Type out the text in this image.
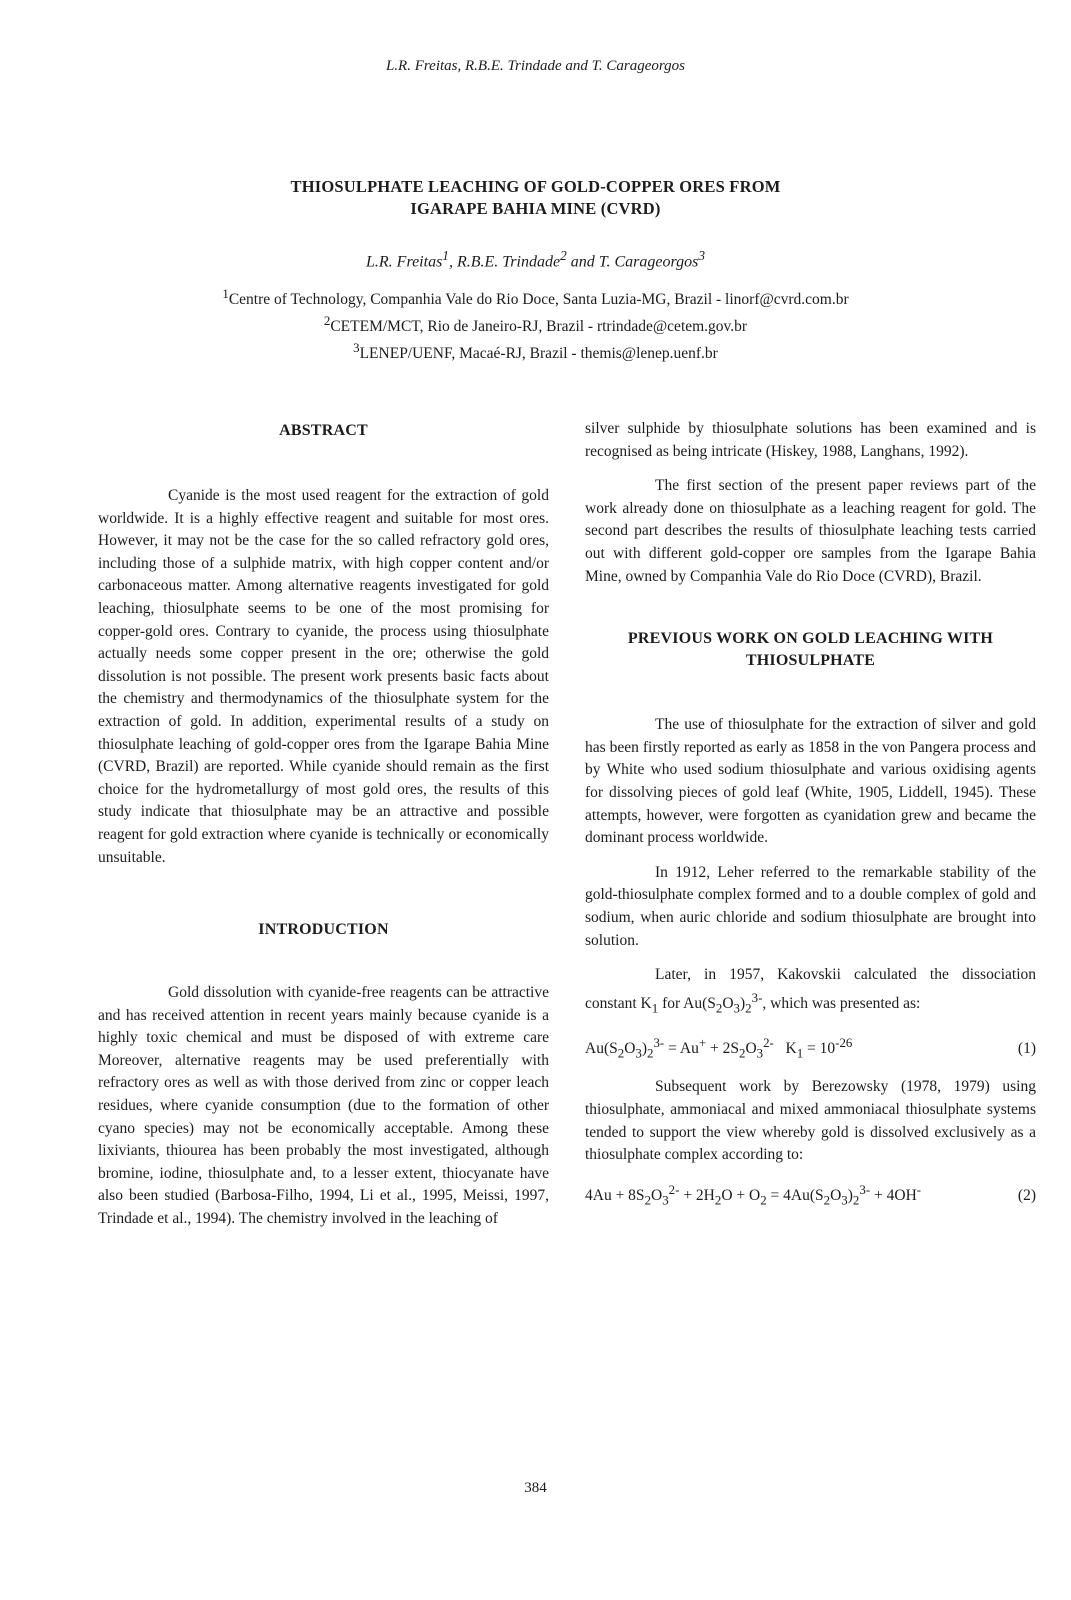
L.R. Freitas, R.B.E. Trindade and T. Carageorgos
THIOSULPHATE LEACHING OF GOLD-COPPER ORES FROM
IGARAPE BAHIA MINE (CVRD)
L.R. Freitas$^1$, R.B.E. Trindade$^2$ and T. Carageorgos$^3$
$^1$Centre of Technology, Companhia Vale do Rio Doce, Santa Luzia-MG, Brazil - linorf@cvrd.com.br
$^2$CETEM/MCT, Rio de Janeiro-RJ, Brazil - rtrindade@cetem.gov.br
$^3$LENEP/UENF, Macaé-RJ, Brazil - themis@lenep.uenf.br
ABSTRACT

Cyanide is the most used reagent for the extraction of gold worldwide. It is a highly effective reagent and suitable for most ores. However, it may not be the case for the so called refractory gold ores, including those of a sulphide matrix, with high copper content and/or carbonaceous matter. Among alternative reagents investigated for gold leaching, thiosulphate seems to be one of the most promising for copper-gold ores. Contrary to cyanide, the process using thiosulphate actually needs some copper present in the ore; otherwise the gold dissolution is not possible. The present work presents basic facts about the chemistry and thermodynamics of the thiosulphate system for the extraction of gold. In addition, experimental results of a study on thiosulphate leaching of gold-copper ores from the Igarape Bahia Mine (CVRD, Brazil) are reported. While cyanide should remain as the first choice for the hydrometallurgy of most gold ores, the results of this study indicate that thiosulphate may be an attractive and possible reagent for gold extraction where cyanide is technically or economically unsuitable.

INTRODUCTION

Gold dissolution with cyanide-free reagents can be attractive and has received attention in recent years mainly because cyanide is a highly toxic chemical and must be disposed of with extreme care Moreover, alternative reagents may be used preferentially with refractory ores as well as with those derived from zinc or copper leach residues, where cyanide consumption (due to the formation of other cyano species) may not be economically acceptable. Among these lixiviants, thiourea has been probably the most investigated, although bromine, iodine, thiosulphate and, to a lesser extent, thiocyanate have also been studied (Barbosa-Filho, 1994, Li et al., 1995, Meissi, 1997, Trindade et al., 1994). The chemistry involved in the leaching of

silver sulphide by thiosulphate solutions has been examined and is recognised as being intricate (Hiskey, 1988, Langhans, 1992).

The first section of the present paper reviews part of the work already done on thiosulphate as a leaching reagent for gold. The second part describes the results of thiosulphate leaching tests carried out with different gold-copper ore samples from the Igarape Bahia Mine, owned by Companhia Vale do Rio Doce (CVRD), Brazil.

PREVIOUS WORK ON GOLD LEACHING WITH
THIOSULPHATE

The use of thiosulphate for the extraction of silver and gold has been firstly reported as early as 1858 in the von Pangera process and by White who used sodium thiosulphate and various oxidising agents for dissolving pieces of gold leaf (White, 1905, Liddell, 1945). These attempts, however, were forgotten as cyanidation grew and became the dominant process worldwide.

In 1912, Leher referred to the remarkable stability of the gold-thiosulphate complex formed and to a double complex of gold and sodium, when auric chloride and sodium thiosulphate are brought into solution.

Later, in 1957, Kakovskii calculated the dissociation constant $K_1$ for $Au(S_2O_3)_2^{3-}$, which was presented as:

$Au(S_2O_3)_2^{3-} = Au^+ + 2S_2O_3^{2-}$   $K_1 = 10^{-26}$	(1)

Subsequent work by Berezowsky (1978, 1979) using thiosulphate, ammoniacal and mixed ammoniacal thiosulphate systems tended to support the view whereby gold is dissolved exclusively as a thiosulphate complex according to:

$4Au + 8S_2O_3^{2-} + 2H_2O + O_2 = 4Au(S_2O_3)_2^{3-} + 4OH^-$	(2)
384
